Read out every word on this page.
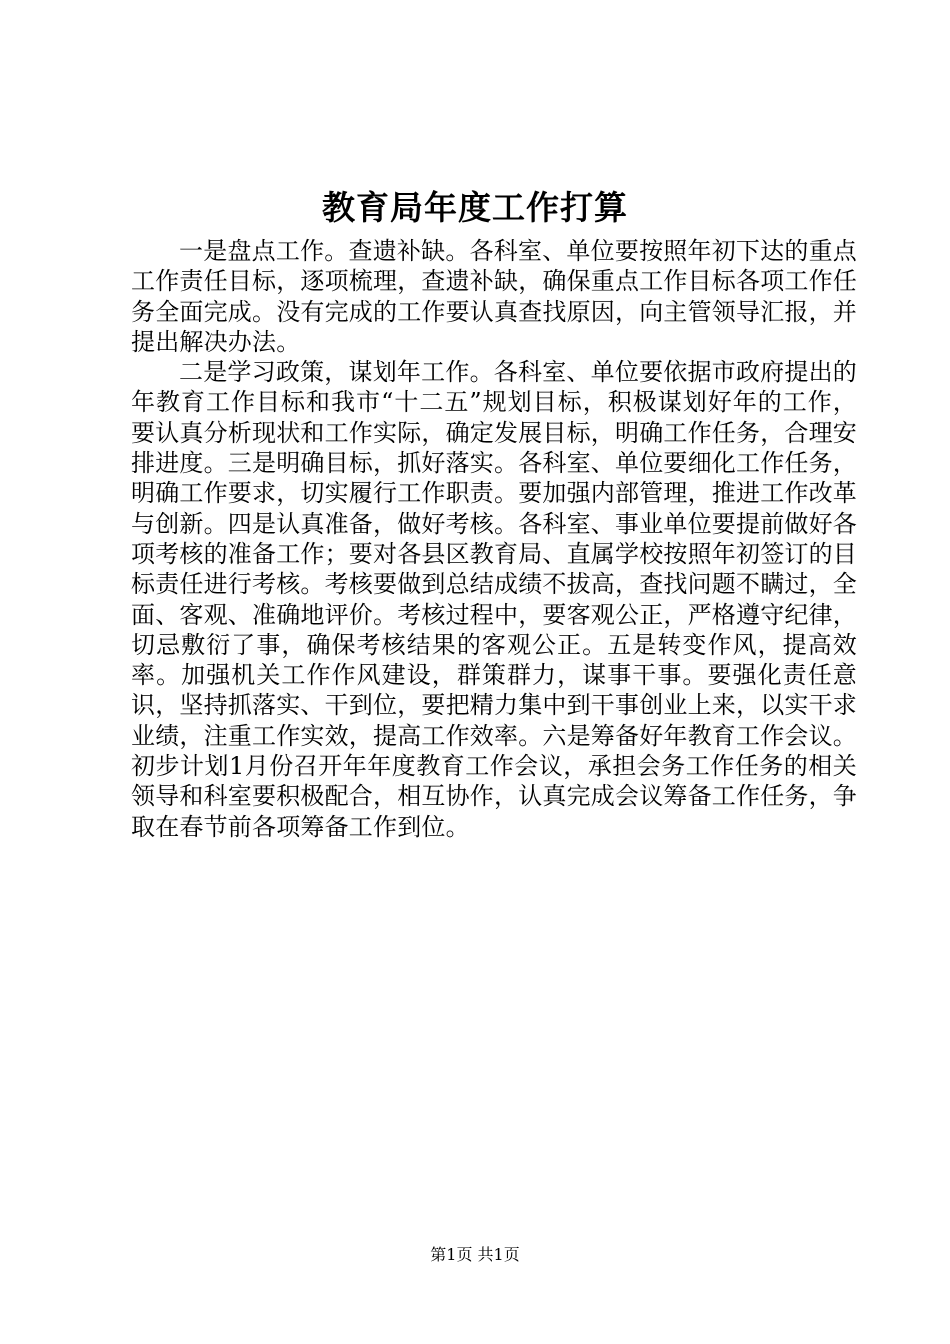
教育局年度工作打算

一是盘点工作。查遗补缺。各科室、单位要按照年初下达的重点工作责任目标，逐项梳理，查遗补缺，确保重点工作目标各项工作任务全面完成。没有完成的工作要认真查找原因，向主管领导汇报，并提出解决办法。

二是学习政策，谋划年工作。各科室、单位要依据市政府提出的年教育工作目标和我市“十二五”规划目标，积极谋划好年的工作，要认真分析现状和工作实际，确定发展目标，明确工作任务，合理安排进度。三是明确目标，抓好落实。各科室、单位要细化工作任务，明确工作要求，切实履行工作职责。要加强内部管理，推进工作改革与创新。四是认真准备，做好考核。各科室、事业单位要提前做好各项考核的准备工作；要对各县区教育局、直属学校按照年初签订的目标责任进行考核。考核要做到总结成绩不拔高，查找问题不瞒过，全面、客观、准确地评价。考核过程中，要客观公正，严格遵守纪律，切忌敷衍了事，确保考核结果的客观公正。五是转变作风，提高效率。加强机关工作作风建设，群策群力，谋事干事。要强化责任意识，坚持抓落实、干到位，要把精力集中到干事创业上来，以实干求业绩，注重工作实效，提高工作效率。六是筹备好年教育工作会议。初步计划1月份召开年年度教育工作会议，承担会务工作任务的相关领导和科室要积极配合，相互协作，认真完成会议筹备工作任务，争取在春节前各项筹备工作到位。

第1页 共1页
